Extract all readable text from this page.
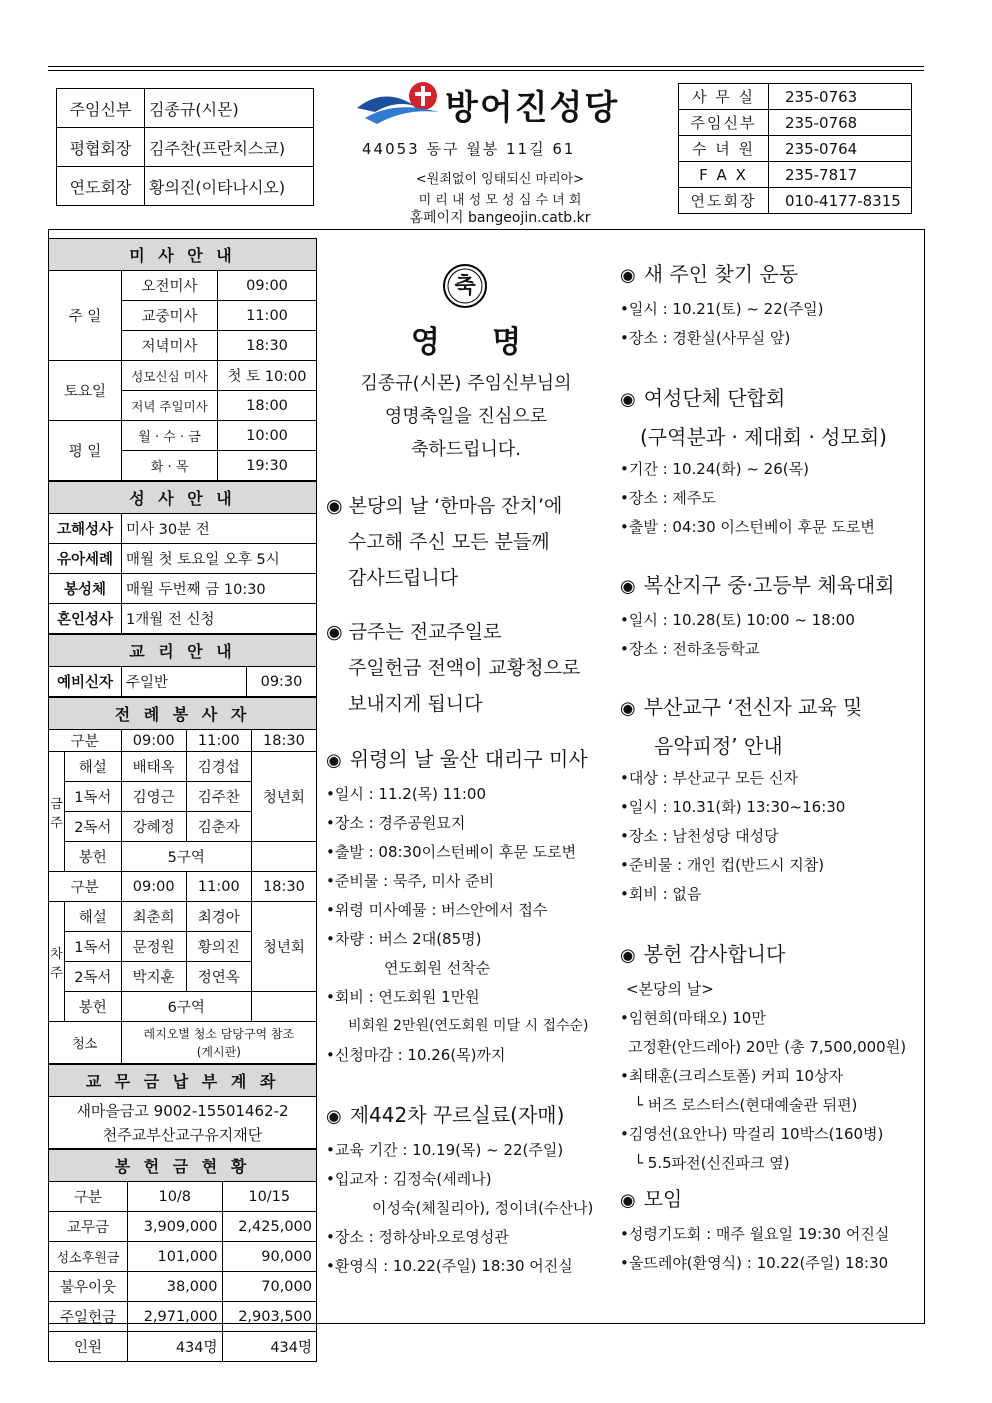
주임신부	김종규(시몬)
평협회장	김주찬(프란치스코)
연도회장	황의진(이타나시오)
방어진성당
44053 동구 월봉 11길 61
<원죄없이 잉태되신 마리아>
미 리 내 성 모 성 심 수 녀 회
홈페이지 bangeojin.catb.kr
사 무 실	235-0763
주임신부	235-0768
수 녀 원	235-0764
F A X	235-7817
연도회장	010-4177-8315
미 사 안 내		
주 일	오전미사	09:00
	교중미사	11:00
	저녁미사	18:30
토요일	성모신심 미사	첫 토 10:00
	저녁 주일미사	18:00
평 일	월 · 수 · 금	10:00
	화 · 목	19:30
성 사 안 내	
고해성사	미사 30분 전
유아세례	매월 첫 토요일 오후 5시
봉성체	매월 두번째 금 10:30
혼인성사	1개월 전 신청
교 리 안 내
예비신자	주일반	09:30
전 례 봉 사 자				
구분		09:00	11:00	18:30
금주	해설	배태옥	김경섭	청년회
	1독서	김영근	김주찬	
	2독서	강혜정	김춘자	
	봉헌	5구역		
구분		09:00	11:00	18:30
차주	해설	최춘희	최경아	청년회
	1독서	문정원	황의진	
	2독서	박지훈	정연옥	
	봉헌	6구역		
청소		레지오별 청소 담당구역 참조
(게시판)		
교 무 금 납 부 계 좌

새마을금고 9002-15501462-2
천주교부산교구유지재단
봉 헌 금 현 황		
구분	10/8	10/15
교무금	3,909,000	2,425,000
성소후원금	101,000	90,000
불우이웃	38,000	70,000
주일헌금	2,971,000	2,903,500
인원	434명	434명
축
영     명
김종규(시몬) 주임신부님의
영명축일을 진심으로
축하드립니다.
◉ 본당의 날 ‘한마음 잔치’에
수고해 주신 모든 분들께
감사드립니다
◉ 금주는 전교주일로
주일헌금 전액이 교황청으로
보내지게 됩니다
◉ 위령의 날 울산 대리구 미사
•일시 : 11.2(목) 11:00
•장소 : 경주공원묘지
•출발 : 08:30이스턴베이 후문 도로변
•준비물 : 묵주, 미사 준비
•위령 미사예물 : 버스안에서 접수
•차량 : 버스 2대(85명)
연도회원 선착순
•회비 : 연도회원 1만원
비회원 2만원(연도회원 미달 시 접수순)
•신청마감 : 10.26(목)까지
◉ 제442차 꾸르실료(자매)
•교육 기간 : 10.19(목) ~ 22(주일)
•입교자 : 김정숙(세레나)
이성숙(체칠리아), 정이녀(수산나)
•장소 : 정하상바오로영성관
•환영식 : 10.22(주일) 18:30 어진실
◉ 새 주인 찾기 운동
•일시 : 10.21(토) ~ 22(주일)
•장소 : 경환실(사무실 앞)
◉ 여성단체 단합회
(구역분과 · 제대회 · 성모회)
•기간 : 10.24(화) ~ 26(목)
•장소 : 제주도
•출발 : 04:30 이스턴베이 후문 도로변
◉ 복산지구 중·고등부 체육대회
•일시 : 10.28(토) 10:00 ~ 18:00
•장소 : 전하초등학교
◉ 부산교구 ‘전신자 교육 및
음악피정’ 안내
•대상 : 부산교구 모든 신자
•일시 : 10.31(화) 13:30~16:30
•장소 : 남천성당 대성당
•준비물 : 개인 컵(반드시 지참)
•회비 : 없음
◉ 봉헌 감사합니다
<본당의 날>
•임현희(마태오) 10만
고정환(안드레아) 20만 (총 7,500,000원)
•최태훈(크리스토폴) 커피 10상자
└ 버즈 로스터스(현대예술관 뒤편)
•김영선(요안나) 막걸리 10박스(160병)
└ 5.5파전(신진파크 옆)
◉ 모임
•성령기도회 : 매주 월요일 19:30 어진실
•울뜨레야(환영식) : 10.22(주일) 18:30
